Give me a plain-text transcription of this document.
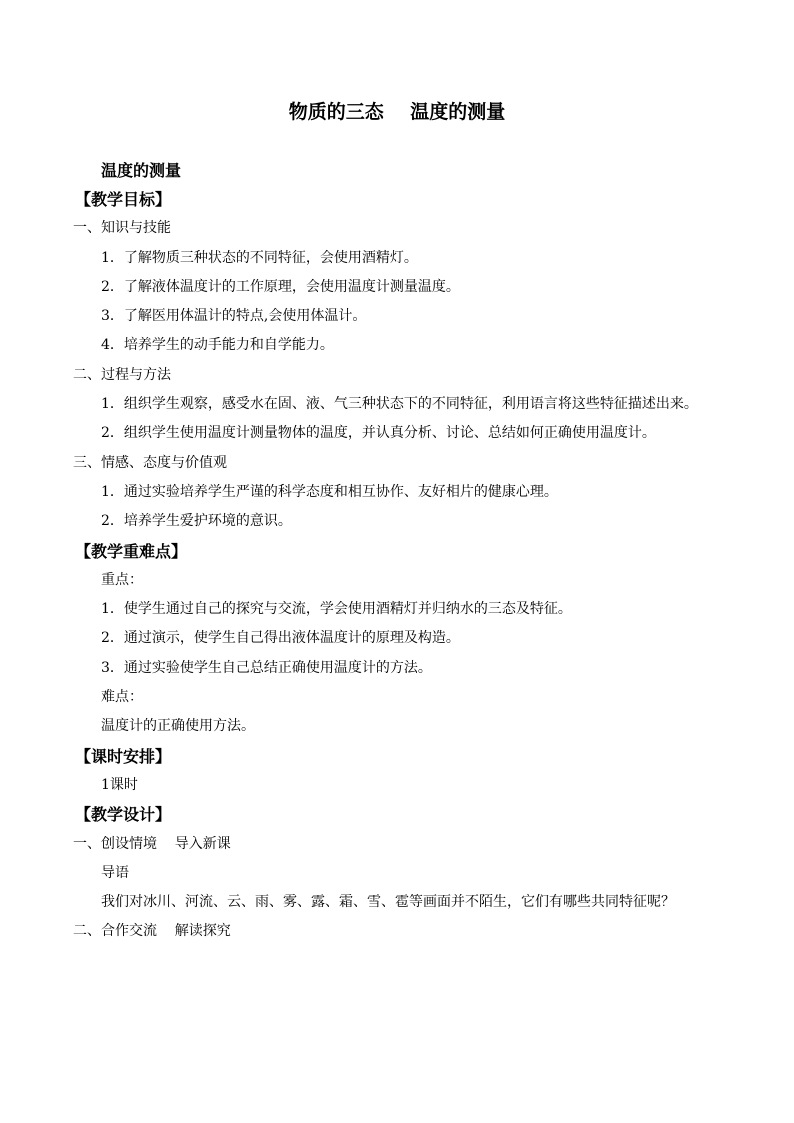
物质的三态    温度的测量
温度的测量
【教学目标】
一、知识与技能
1．了解物质三种状态的不同特征，会使用酒精灯。
2．了解液体温度计的工作原理，会使用温度计测量温度。
3．了解医用体温计的特点,会使用体温计。
4．培养学生的动手能力和自学能力。
二、过程与方法
1．组织学生观察，感受水在固、液、气三种状态下的不同特征，利用语言将这些特征描述出来。
2．组织学生使用温度计测量物体的温度，并认真分析、讨论、总结如何正确使用温度计。
三、情感、态度与价值观
1．通过实验培养学生严谨的科学态度和相互协作、友好相片的健康心理。
2．培养学生爱护环境的意识。
【教学重难点】
重点：
1．使学生通过自己的探究与交流，学会使用酒精灯并归纳水的三态及特征。
2．通过演示，使学生自己得出液体温度计的原理及构造。
3．通过实验使学生自己总结正确使用温度计的方法。
难点：
温度计的正确使用方法。
【课时安排】
1课时
【教学设计】
一、创设情境    导入新课
导语
我们对冰川、河流、云、雨、雾、露、霜、雪、雹等画面并不陌生，它们有哪些共同特征呢？
二、合作交流    解读探究
